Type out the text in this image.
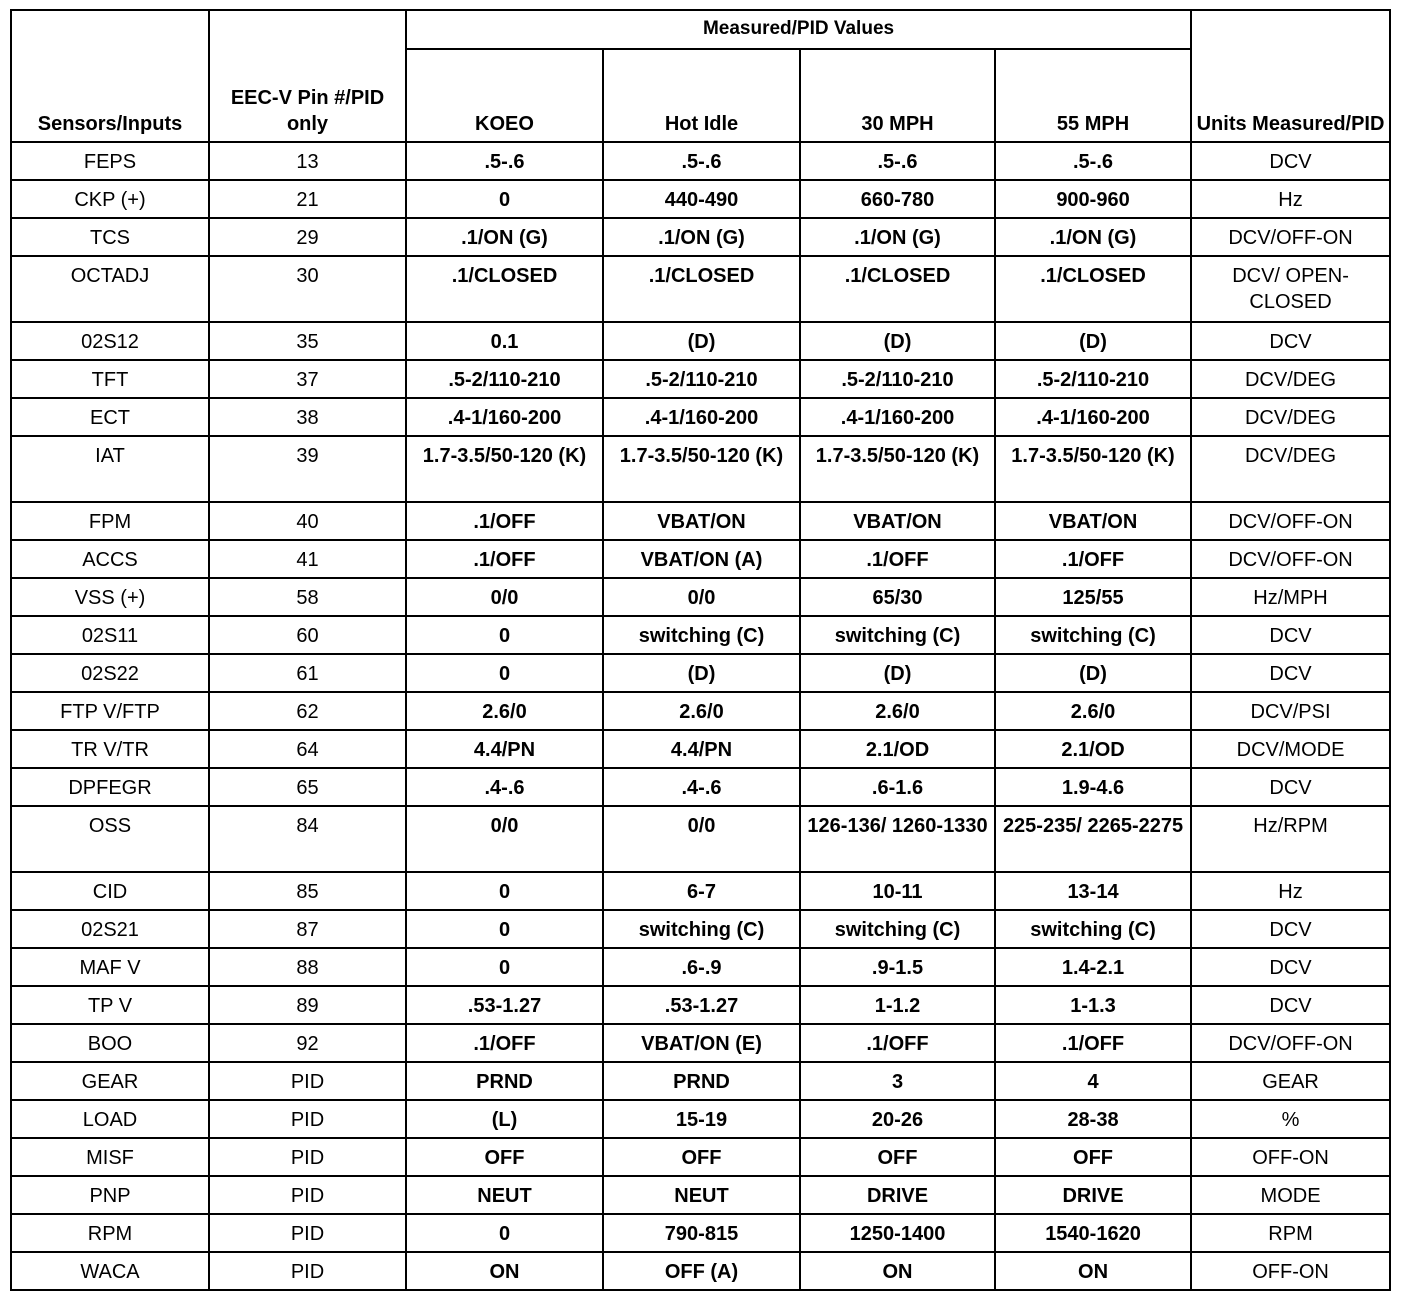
Sensors/Inputs	EEC-V Pin #/PID only	Measured/PID Values				Units Measured/PID
		KOEO	Hot Idle	30 MPH	55 MPH	
FEPS	13	.5-.6	.5-.6	.5-.6	.5-.6	DCV
CKP (+)	21	0	440-490	660-780	900-960	Hz
TCS	29	.1/ON (G)	.1/ON (G)	.1/ON (G)	.1/ON (G)	DCV/OFF-ON
OCTADJ	30	.1/CLOSED	.1/CLOSED	.1/CLOSED	.1/CLOSED	DCV/ OPEN-CLOSED
02S12	35	0.1	(D)	(D)	(D)	DCV
TFT	37	.5-2/110-210	.5-2/110-210	.5-2/110-210	.5-2/110-210	DCV/DEG
ECT	38	.4-1/160-200	.4-1/160-200	.4-1/160-200	.4-1/160-200	DCV/DEG
IAT	39	1.7-3.5/50-120 (K)	1.7-3.5/50-120 (K)	1.7-3.5/50-120 (K)	1.7-3.5/50-120 (K)	DCV/DEG
FPM	40	.1/OFF	VBAT/ON	VBAT/ON	VBAT/ON	DCV/OFF-ON
ACCS	41	.1/OFF	VBAT/ON (A)	.1/OFF	.1/OFF	DCV/OFF-ON
VSS (+)	58	0/0	0/0	65/30	125/55	Hz/MPH
02S11	60	0	switching (C)	switching (C)	switching (C)	DCV
02S22	61	0	(D)	(D)	(D)	DCV
FTP V/FTP	62	2.6/0	2.6/0	2.6/0	2.6/0	DCV/PSI
TR V/TR	64	4.4/PN	4.4/PN	2.1/OD	2.1/OD	DCV/MODE
DPFEGR	65	.4-.6	.4-.6	.6-1.6	1.9-4.6	DCV
OSS	84	0/0	0/0	126-136/ 1260-1330	225-235/ 2265-2275	Hz/RPM
CID	85	0	6-7	10-11	13-14	Hz
02S21	87	0	switching (C)	switching (C)	switching (C)	DCV
MAF V	88	0	.6-.9	.9-1.5	1.4-2.1	DCV
TP V	89	.53-1.27	.53-1.27	1-1.2	1-1.3	DCV
BOO	92	.1/OFF	VBAT/ON (E)	.1/OFF	.1/OFF	DCV/OFF-ON
GEAR	PID	PRND	PRND	3	4	GEAR
LOAD	PID	(L)	15-19	20-26	28-38	%
MISF	PID	OFF	OFF	OFF	OFF	OFF-ON
PNP	PID	NEUT	NEUT	DRIVE	DRIVE	MODE
RPM	PID	0	790-815	1250-1400	1540-1620	RPM
WACA	PID	ON	OFF (A)	ON	ON	OFF-ON
